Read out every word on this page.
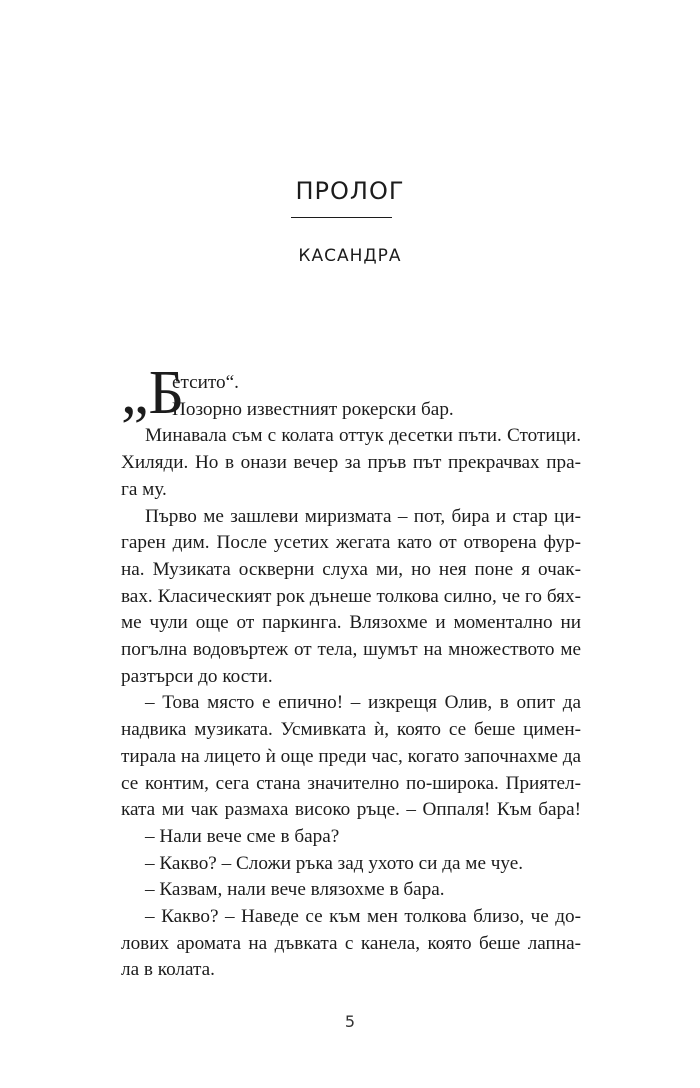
ПРОЛОГ
КАСАНДРА
„Б
етсито“.
Позорно известният рокерски бар.
Минавала съм с колата оттук десетки пъти. Стотици.
Хиляди. Но в онази вечер за пръв път прекрачвах пра-
га му.
Първо ме зашлеви миризмата – пот, бира и стар ци-
гарен дим. После усетих жегата като от отворена фур-
на. Музиката оскверни слуха ми, но нея поне я очак-
вах. Класическият рок дънеше толкова силно, че го бях-
ме чули още от паркинга. Влязохме и моментално ни
погълна водовъртеж от тела, шумът на множеството ме
разтърси до кости.
– Това място е епично! – изкрещя Олив, в опит да
надвика музиката. Усмивката ѝ, която се беше цимен-
тирала на лицето ѝ още преди час, когато започнахме да
се контим, сега стана значително по-широка. Приятел-
ката ми чак размаха високо ръце. – Оппаля! Към бара!
– Нали вече сме в бара?
– Какво? – Сложи ръка зад ухото си да ме чуе.
– Казвам, нали вече влязохме в бара.
– Какво? – Наведе се към мен толкова близо, че до-
лових аромата на дъвката с канела, която беше лапна-
ла в колата.
5
